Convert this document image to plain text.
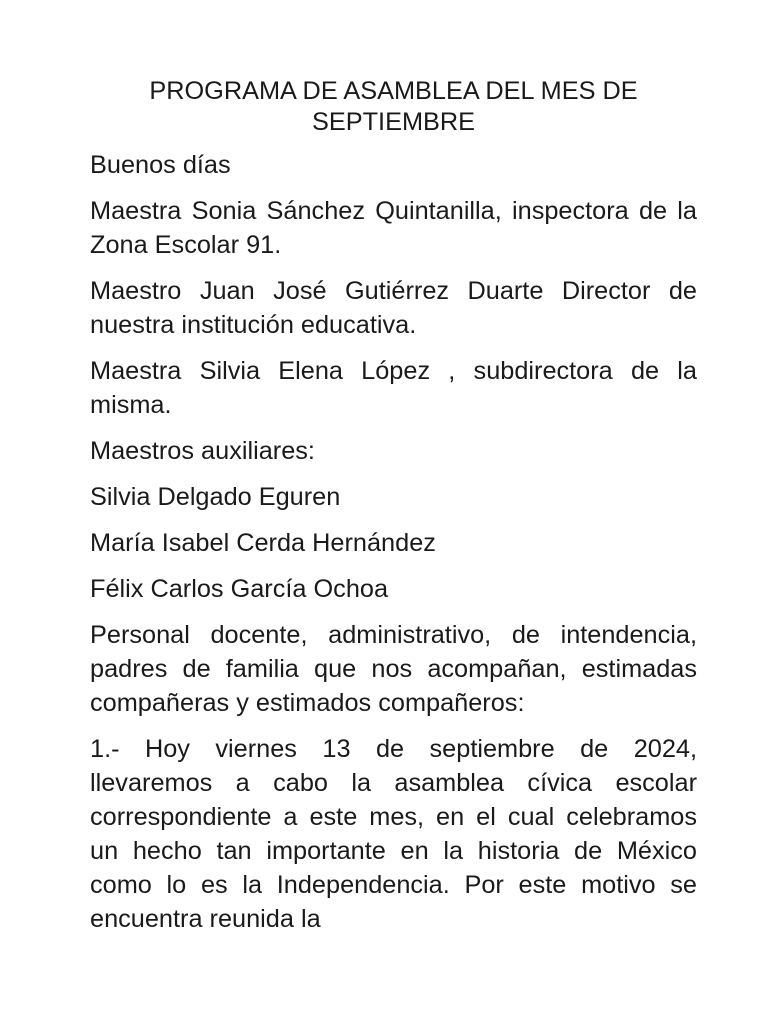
PROGRAMA DE ASAMBLEA DEL MES DE SEPTIEMBRE

Buenos días

Maestra Sonia Sánchez Quintanilla, inspectora de la Zona Escolar 91.

Maestro Juan José Gutiérrez Duarte Director de nuestra institución educativa.

Maestra Silvia Elena López , subdirectora de la misma.

Maestros auxiliares:

Silvia Delgado Eguren

María Isabel Cerda Hernández

Félix Carlos García Ochoa

Personal docente, administrativo, de intendencia, padres de familia que nos acompañan, estimadas compañeras y estimados compañeros:

1.- Hoy viernes 13 de septiembre de 2024, llevaremos a cabo la asamblea cívica escolar correspondiente a este mes, en el cual celebramos un hecho tan importante en la historia de México como lo es la Independencia. Por este motivo se encuentra reunida la
